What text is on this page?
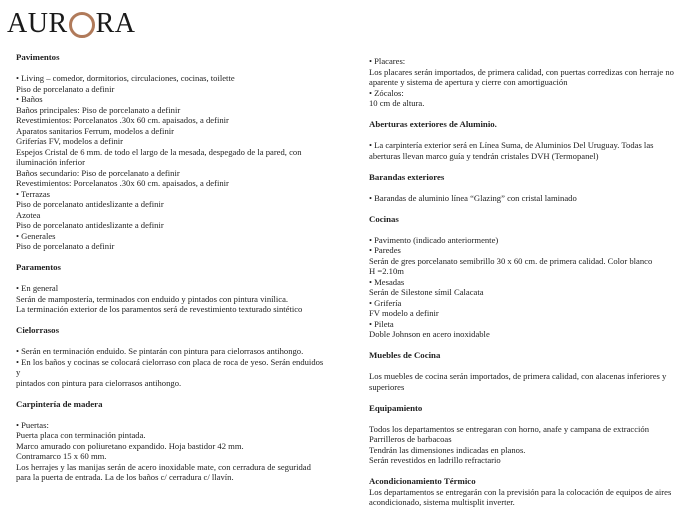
AUR RA
Pavimentos
• Living – comedor, dormitorios, circulaciones, cocinas, toilette
Piso de porcelanato a definir
• Baños
Baños principales: Piso de porcelanato a definir
Revestimientos: Porcelanatos .30x 60 cm. apaisados, a definir
Aparatos sanitarios Ferrum, modelos a definir
Griferías FV, modelos a definir
Espejos Cristal de 6 mm. de todo el largo de la mesada, despegado de la pared, con
iluminación inferior
Baños secundario: Piso de porcelanato a definir
Revestimientos: Porcelanatos .30x 60 cm. apaisados, a definir
• Terrazas
Piso de porcelanato antideslizante a definir
Azotea
Piso de porcelanato antideslizante a definir
• Generales
Piso de porcelanato a definir
Paramentos
• En general
Serán de mampostería, terminados con enduido y pintados con pintura vinílica.
La terminación exterior de los paramentos será de revestimiento texturado sintético
Cielorrasos
• Serán en terminación enduido. Se pintarán con pintura para cielorrasos antihongo.
• En los baños y cocinas se colocará cielorraso con placa de roca de yeso. Serán enduidos
y
pintados con pintura para cielorrasos antihongo.
Carpintería de madera
• Puertas:
Puerta placa con terminación pintada.
Marco amurado con poliuretano expandido. Hoja bastidor 42 mm.
Contramarco 15 x 60 mm.
Los herrajes y las manijas serán de acero inoxidable mate, con cerradura de seguridad
para la puerta de entrada. La de los baños c/ cerradura c/ llavín.
• Placares:
Los placares serán importados, de primera calidad, con puertas corredizas con herraje no
aparente y sistema de apertura y cierre con amortiguación
• Zócalos:
10 cm de altura.
Aberturas exteriores de Aluminio.
• La carpintería exterior será en Línea Suma, de Aluminios Del Uruguay. Todas las
aberturas llevan marco guía y tendrán cristales DVH (Termopanel)
Barandas exteriores
• Barandas de aluminio línea “Glazing” con cristal laminado
Cocinas
• Pavimento (indicado anteriormente)
• Paredes
Serán de gres porcelanato semibrillo 30 x 60 cm. de primera calidad. Color blanco
H =2.10m
• Mesadas
Serán de Silestone símil Calacata
• Grifería
FV modelo a definir
• Pileta
Doble Johnson en acero inoxidable
Muebles de Cocina
Los muebles de cocina serán importados, de primera calidad, con alacenas inferiores y
superiores
Equipamiento
Todos los departamentos se entregaran con horno, anafe y campana de extracción
Parrilleros de barbacoas
Tendrán las dimensiones indicadas en planos.
Serán revestidos en ladrillo refractario
Acondicionamiento Térmico
Los departamentos se entregarán con la previsión para la colocación de equipos de aires
acondicionado, sistema multisplit inverter.
